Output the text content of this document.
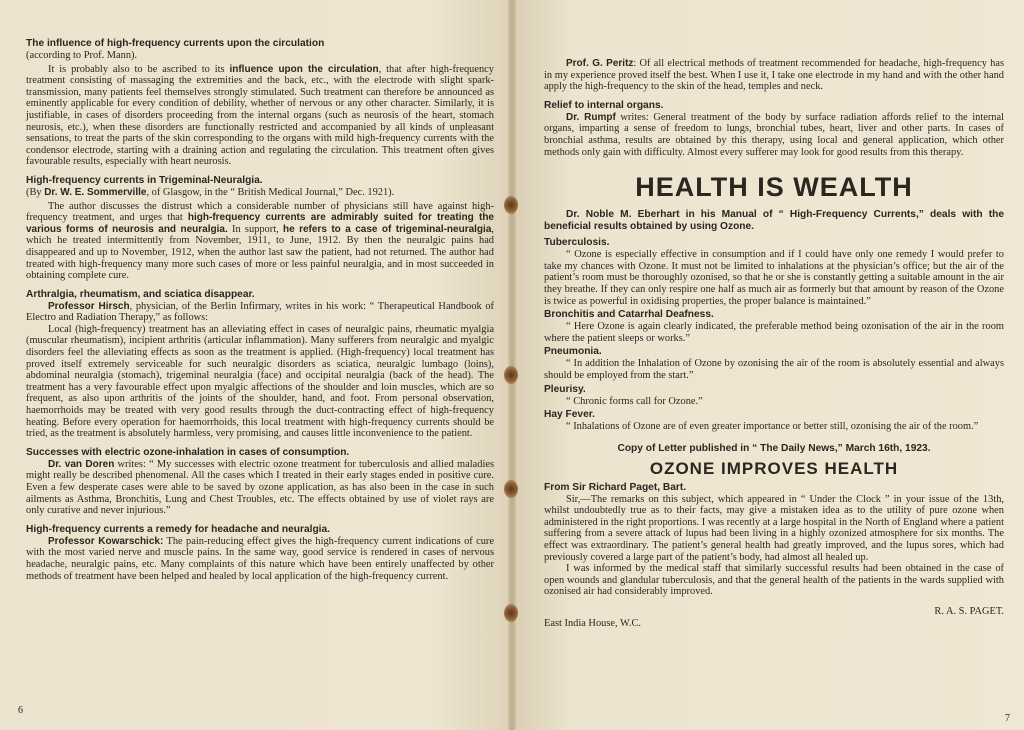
The influence of high-frequency currents upon the circulation

(according to Prof. Mann).

It is probably also to be ascribed to its influence upon the circulation, that after high-frequency treatment consisting of massaging the extremities and the back, etc., with the electrode with slight spark-transmission, many patients feel themselves strongly stimulated. Such treatment can therefore be announced as eminently applicable for every condition of debility, whether of nervous or any other character. Similarly, it is justifiable, in cases of disorders proceeding from the internal organs (such as neurosis of the heart, stomach neurosis, etc.), when these disorders are functionally restricted and accompanied by all kinds of unpleasant sensations, to treat the parts of the skin corresponding to the organs with mild high-frequency currents with the condensor electrode, starting with a draining action and regulating the circulation. This treatment often gives favourable results, especially with heart neurosis.

High-frequency currents in Trigeminal-Neuralgia.

(By Dr. W. E. Sommerville, of Glasgow, in the “ British Medical Journal,” Dec. 1921).

The author discusses the distrust which a considerable number of physicians still have against high-frequency treatment, and urges that high-frequency currents are admirably suited for treating the various forms of neurosis and neuralgia. In support, he refers to a case of trigeminal-neuralgia, which he treated intermittently from November, 1911, to June, 1912. By then the neuralgic pains had disappeared and up to November, 1912, when the author last saw the patient, had not returned. The author had treated with high-frequency many more such cases of more or less painful neuralgia, and in most succeeded in obtaining complete cure.

Arthralgia, rheumatism, and sciatica disappear.

Professor Hirsch, physician, of the Berlin Infirmary, writes in his work: “ Therapeutical Handbook of Electro and Radiation Therapy,” as follows:

Local (high-frequency) treatment has an alleviating effect in cases of neuralgic pains, rheumatic myalgia (muscular rheumatism), incipient arthritis (articular inflammation). Many sufferers from neuralgic and myalgic disorders feel the alleviating effects as soon as the treatment is applied. (High-frequency) local treatment has proved itself extremely serviceable for such neuralgic disorders as sciatica, neuralgic lumbago (loins), abdominal neuralgia (stomach), trigeminal neuralgia (face) and occipital neuralgia (back of the head). The treatment has a very favourable effect upon myalgic affections of the shoulder and loin muscles, which are so frequent, as also upon arthritis of the joints of the shoulder, hand, and foot. From personal observation, haemorrhoids may be treated with very good results through the duct-contracting effect of high-frequency heating. Before every operation for haemorrhoids, this local treatment with high-frequency currents should be tried, as the treatment is absolutely harmless, very promising, and causes little inconvenience to the patient.

Successes with electric ozone-inhalation in cases of consumption.

Dr. van Doren writes: “ My successes with electric ozone treatment for tuberculosis and allied maladies might really be described phenomenal. All the cases which I treated in their early stages ended in positive cure. Even a few desperate cases were able to be saved by ozone application, as has also been in the case in such ailments as Asthma, Bronchitis, Lung and Chest Troubles, etc. The effects obtained by use of violet rays are only curative and never injurious.”

High-frequency currents a remedy for headache and neuralgia.

Professor Kowarschick: The pain-reducing effect gives the high-frequency current indications of cure with the most varied nerve and muscle pains. In the same way, good service is rendered in cases of nervous headache, neuralgic pains, etc. Many complaints of this nature which have been entirely unaffected by other methods of treatment have been helped and healed by local application of the high-frequency current.

6

Prof. G. Peritz: Of all electrical methods of treatment recommended for headache, high-frequency has in my experience proved itself the best. When I use it, I take one electrode in my hand and with the other hand apply the high-frequency to the skin of the head, temples and neck.

Relief to internal organs.

Dr. Rumpf writes: General treatment of the body by surface radiation affords relief to the internal organs, imparting a sense of freedom to lungs, bronchial tubes, heart, liver and other parts. In cases of bronchial asthma, results are obtained by this therapy, using local and general application, which other methods only gain with difficulty. Almost every sufferer may look for good results from this therapy.

HEALTH IS WEALTH

Dr. Noble M. Eberhart in his Manual of “ High-Frequency Currents,” deals with the beneficial results obtained by using Ozone.

Tuberculosis.

“ Ozone is especially effective in consumption and if I could have only one remedy I would prefer to take my chances with Ozone. It must not be limited to inhalations at the physician’s office; but the air of the patient’s room must be thoroughly ozonised, so that he or she is constantly getting a suitable amount in the air they breathe. If they can only respire one half as much air as formerly but that amount by reason of the Ozone is twice as powerful in oxidising properties, the proper balance is maintained.”

Bronchitis and Catarrhal Deafness.

“ Here Ozone is again clearly indicated, the preferable method being ozonisation of the air in the room where the patient sleeps or works.”

Pneumonia.

“ In addition the Inhalation of Ozone by ozonising the air of the room is absolutely essential and always should be employed from the start.”

Pleurisy.

“ Chronic forms call for Ozone.”

Hay Fever.

“ Inhalations of Ozone are of even greater importance or better still, ozonising the air of the room.”

Copy of Letter published in “ The Daily News,” March 16th, 1923.

OZONE IMPROVES HEALTH

From Sir Richard Paget, Bart.

Sir,—The remarks on this subject, which appeared in “ Under the Clock ” in your issue of the 13th, whilst undoubtedly true as to their facts, may give a mistaken idea as to the utility of pure ozone when administered in the right proportions. I was recently at a large hospital in the North of England where a patient suffering from a severe attack of lupus had been living in a highly ozonized atmosphere for six months. The effect was extraordinary. The patient’s general health had greatly improved, and the lupus sores, which had previously covered a large part of the patient’s body, had almost all healed up.

I was informed by the medical staff that similarly successful results had been obtained in the case of open wounds and glandular tuberculosis, and that the general health of the patients in the wards supplied with ozonised air had considerably improved.

East India House, W.C.
R. A. S. PAGET.
7
